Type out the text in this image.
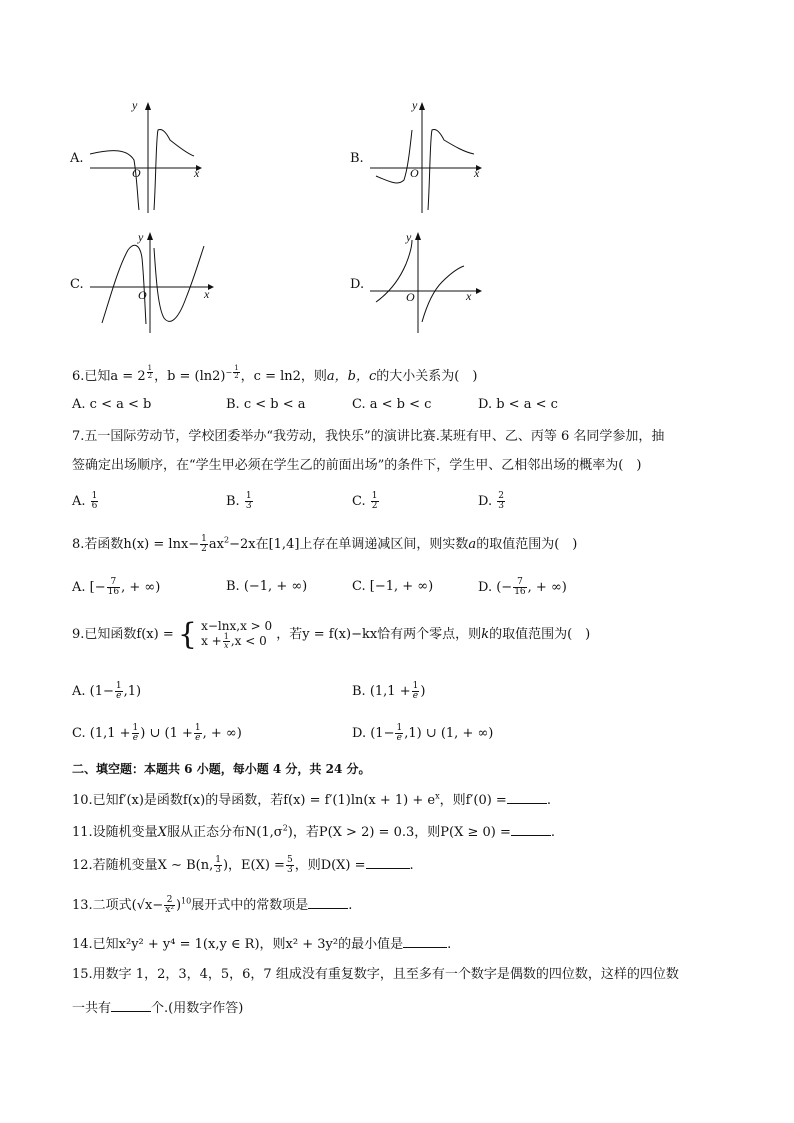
A.
y
x
O
B.
y
x
O
C.
y
x
O
D.
y
x
O
6.已知a = 2 $^{\frac{1}{2}}$ ，$b = (\ln 2)^{- \frac{1}{2}}$ ，c = ln2，则a，b，c的大小关系为(　)
A. c < a < b	B. c < b < a	C. a < b < c	D. b < a < c
7.五一国际劳动节，学校团委举办“我劳动，我快乐”的演讲比赛.某班有甲、乙、丙等 6 名同学参加，抽
签确定出场顺序，在“学生甲必须在学生乙的前面出场”的条件下，学生甲、乙相邻出场的概率为(　)
A. $\frac{1}{6}$	B. $\frac{1}{3}$	C. $\frac{1}{2}$	D. $\frac{2}{3}$
8.若函数$h(x) = \ln x- \frac{1}{2} ax^2-2x$在[1,4]上存在单调递减区间，则实数a的取值范围为(　)
A. [− $\frac{7}{16}$ , + ∞)	B. (−1, + ∞)	C. [−1, + ∞)	D. (− $\frac{7}{16}$ , + ∞)
9.已知函数f(x) = { x−lnx,x > 0
$x + \frac{1}{x} ,x < 0$ ，若y = f(x)−kx恰有两个零点，则k的取值范围为(　)
A. $(1- \frac{1}{e} ,1)$	B. ($1,1 + \frac{1}{e}$ )
C. ($1,1 + \frac{1}{e}$ ) ∪ ($1 + \frac{1}{e}$ , + ∞)	D. $(1- \frac{1}{e} ,1)$ ∪ (1, + ∞)
二、填空题：本题共 6 小题，每小题 4 分，共 24 分。
10.已知f′(x)是函数f(x)的导函数，若$f(x) = f'(1)\ln(x + 1) + e^x$，则f′(0) =	.
11.设随机变量X服从正态分布$N(1,\sigma^2)$，若P(X > 2) = 0.3，则P(X ≥ 0) =	.
12.若随机变量X ∼ B(n, $\frac{1}{3}$ )，$E(X) = \frac{5}{3}$ ，则D(X) =	.
13.二项式$(√x- \frac{2}{\text{x²}} )^{10}$展开式中的常数项是	.
14.已知x²y² + y⁴ = 1(x,y ∈ R)，则x² + 3y²的最小值是	.
15.用数字 1，2，3，4，5，6，7 组成没有重复数字，且至多有一个数字是偶数的四位数，这样的四位数
一共有	个.(用数字作答)
